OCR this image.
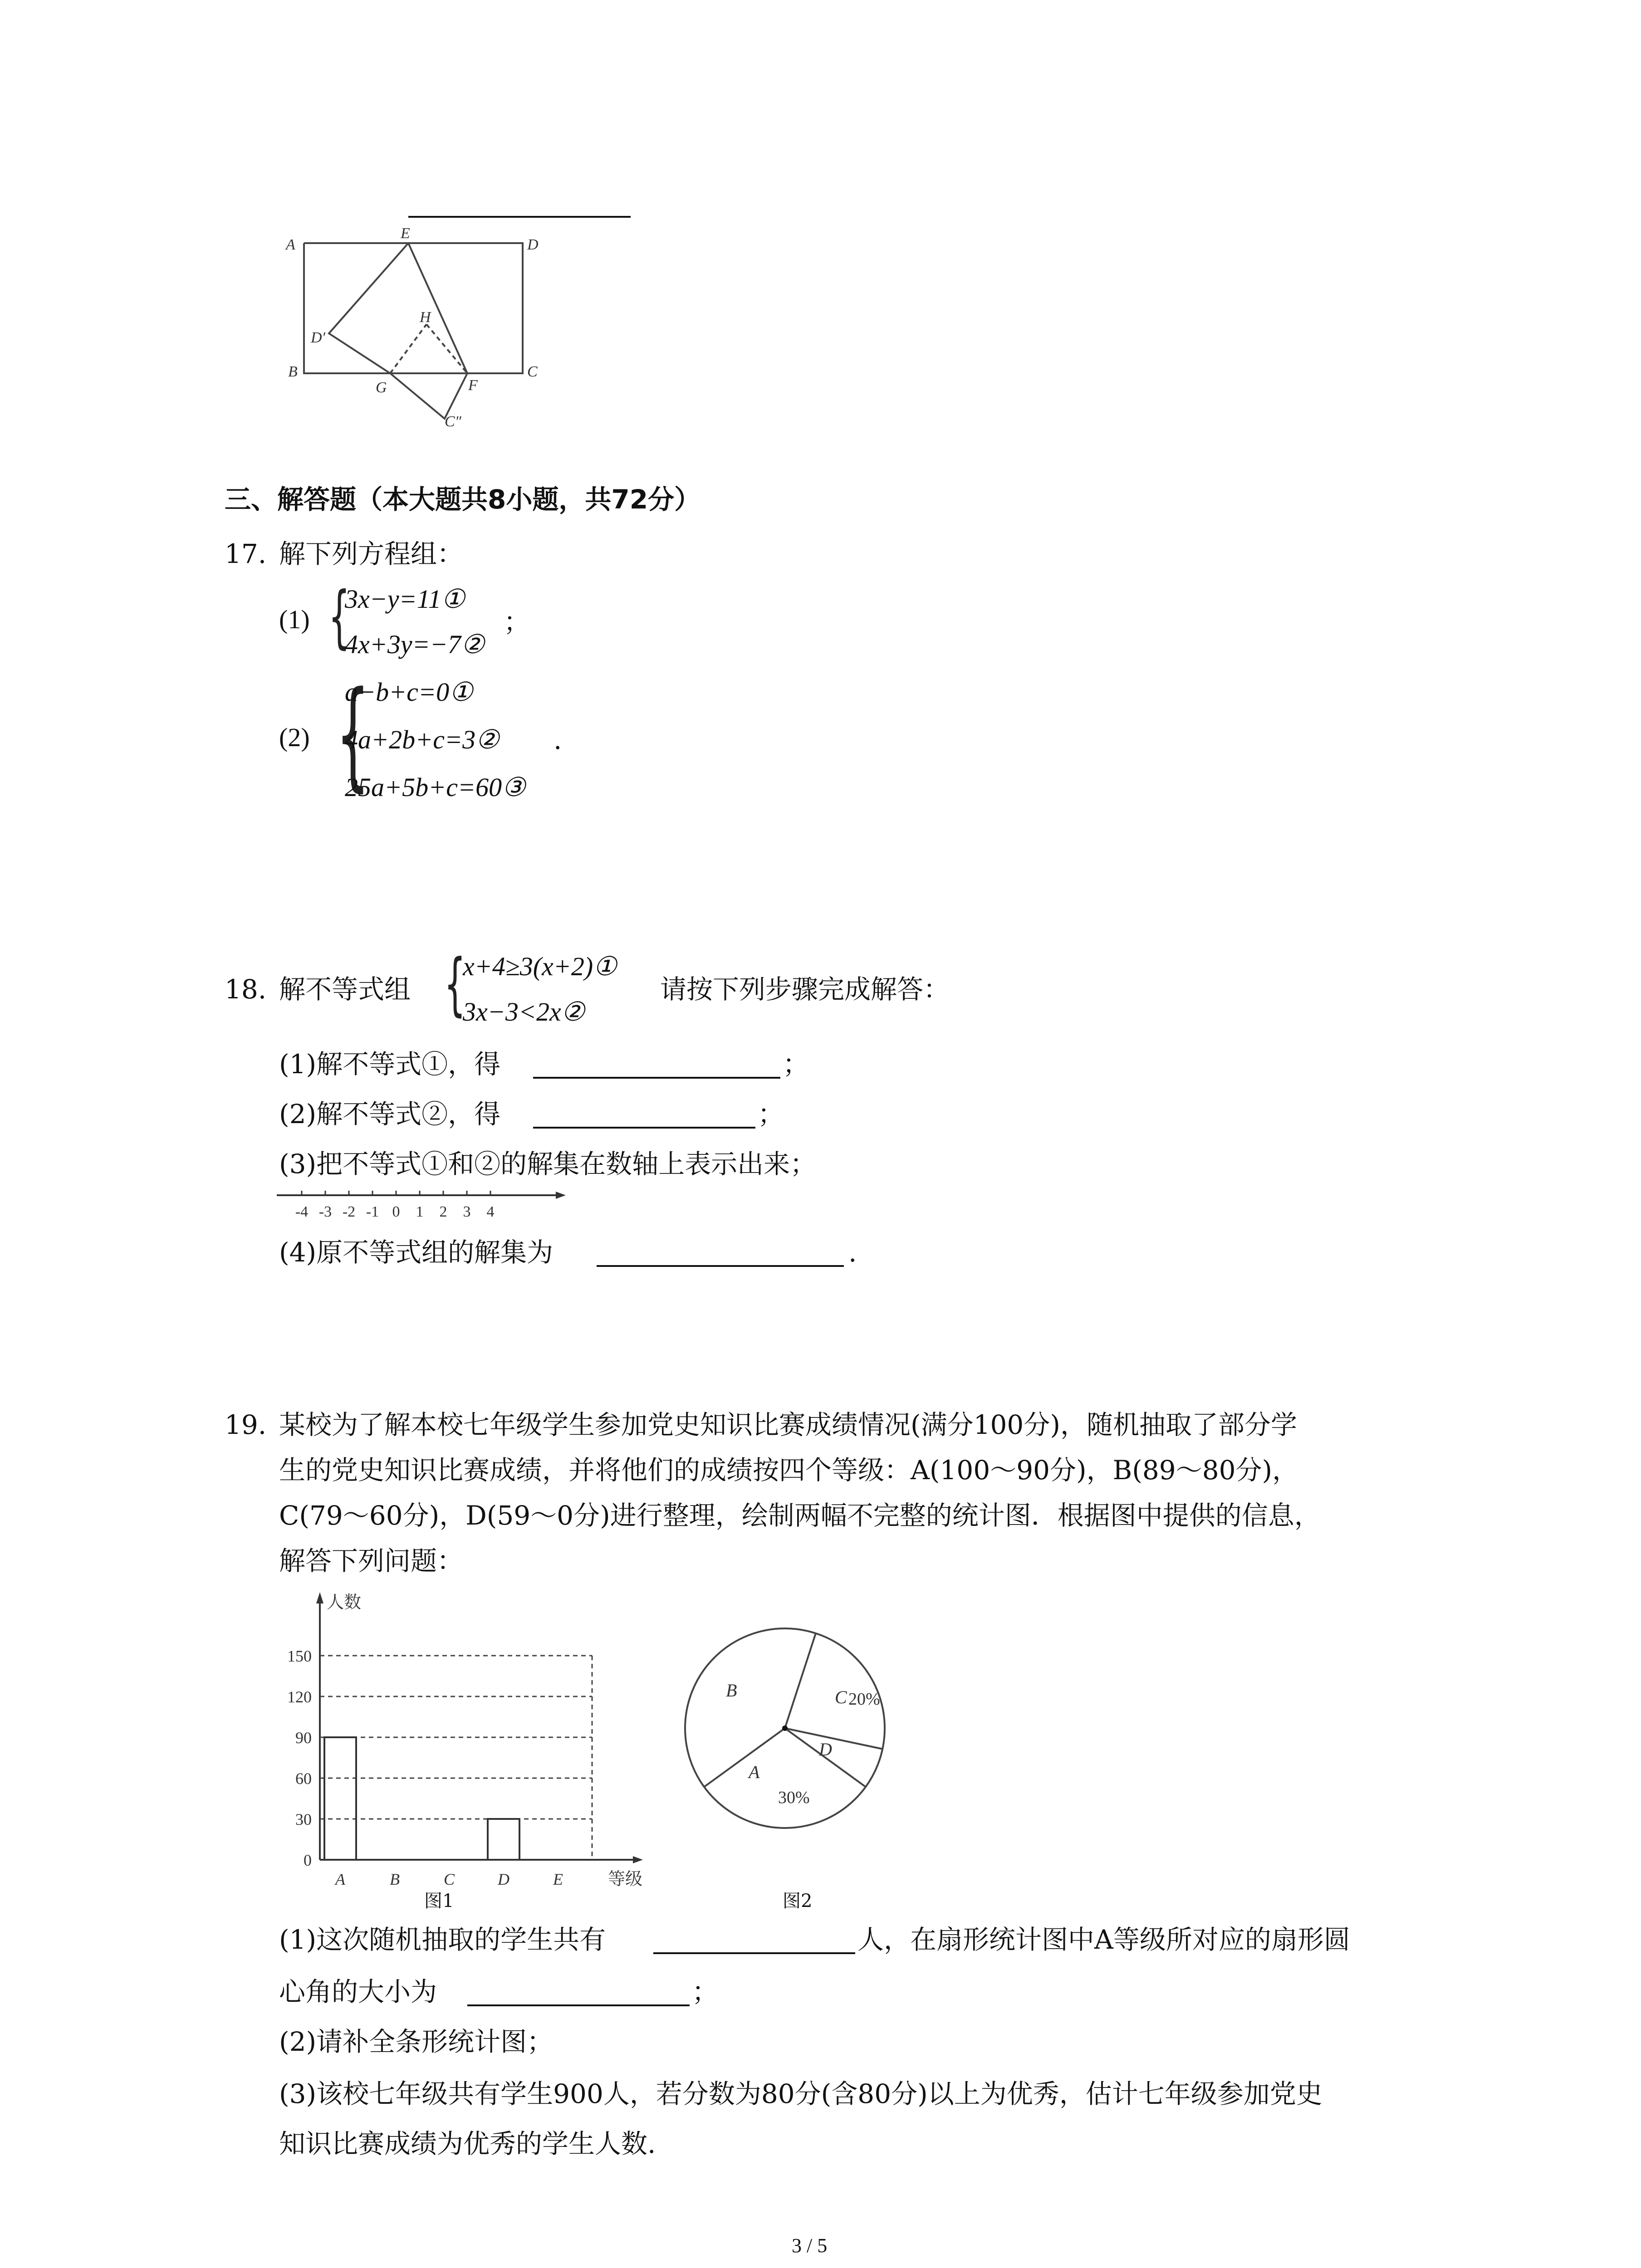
A
E
D
D′
H
B
G	F
C
C″
三、解答题（本大题共8小题，共72分）
17. 解下列方程组：
(1) {
3x−y=11①
4x+3y=−7②
；
(2) {
a−b+c=0①
4a+2b+c=3②
25a+5b+c=60③
.
18. 解不等式组 {
x+4≥3(x+2)①
3x−3<2x②
请按下列步骤完成解答：
(1)解不等式①，得	；
(2)解不等式②，得	；
(3)把不等式①和②的解集在数轴上表示出来；
-4 -3 -2 -1 0 1 2 3 4
(4)原不等式组的解集为	.
19. 某校为了解本校七年级学生参加党史知识比赛成绩情况(满分100分)，随机抽取了部分学
生的党史知识比赛成绩，并将他们的成绩按四个等级：A(100～90分)，B(89～80分)，
C(79～60分)，D(59～0分)进行整理，绘制两幅不完整的统计图．根据图中提供的信息，
解答下列问题：
人数
等级
0
30
60
90
120
150
A	B	C	D	E
图1
B	C 20%
D
A
30%
图2
(1)这次随机抽取的学生共有	人，在扇形统计图中A等级所对应的扇形圆
心角的大小为	；
(2)请补全条形统计图；
(3)该校七年级共有学生900人，若分数为80分(含80分)以上为优秀，估计七年级参加党史
知识比赛成绩为优秀的学生人数.
3 / 5
